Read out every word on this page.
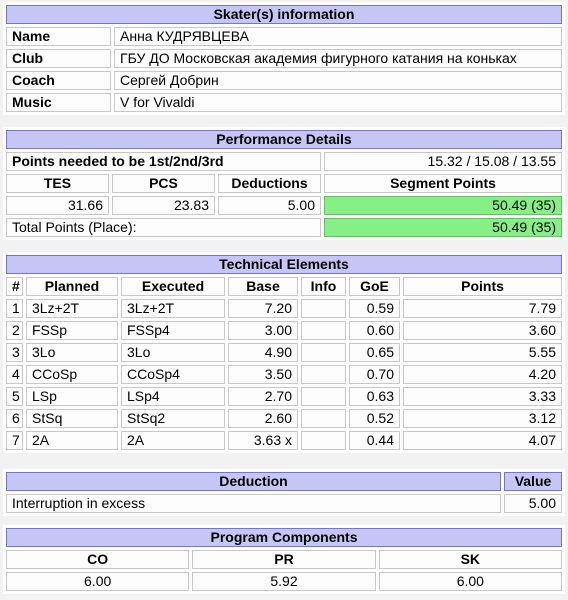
Skater(s) information	
Name	Анна КУДРЯВЦЕВА
Club	ГБУ ДО Московская академия фигурного катания на коньках
Coach	Сергей Добрин
Music	V for Vivaldi
Performance Details			
Points needed to be 1st/2nd/3rd			15.32 / 15.08 / 13.55
TES	PCS	Deductions	Segment Points
31.66	23.83	5.00	50.49 (35)
Total Points (Place):			50.49 (35)
Technical Elements						
#	Planned	Executed	Base	Info	GoE	Points
1	3Lz+2T	3Lz+2T	7.20		0.59	7.79
2	FSSp	FSSp4	3.00		0.60	3.60
3	3Lo	3Lo	4.90		0.65	5.55
4	CCoSp	CCoSp4	3.50		0.70	4.20
5	LSp	LSp4	2.70		0.63	3.33
6	StSq	StSq2	2.60		0.52	3.12
7	2A	2A	3.63 x		0.44	4.07
Deduction	Value
Interruption in excess	5.00
Program Components		
CO	PR	SK
6.00	5.92	6.00
